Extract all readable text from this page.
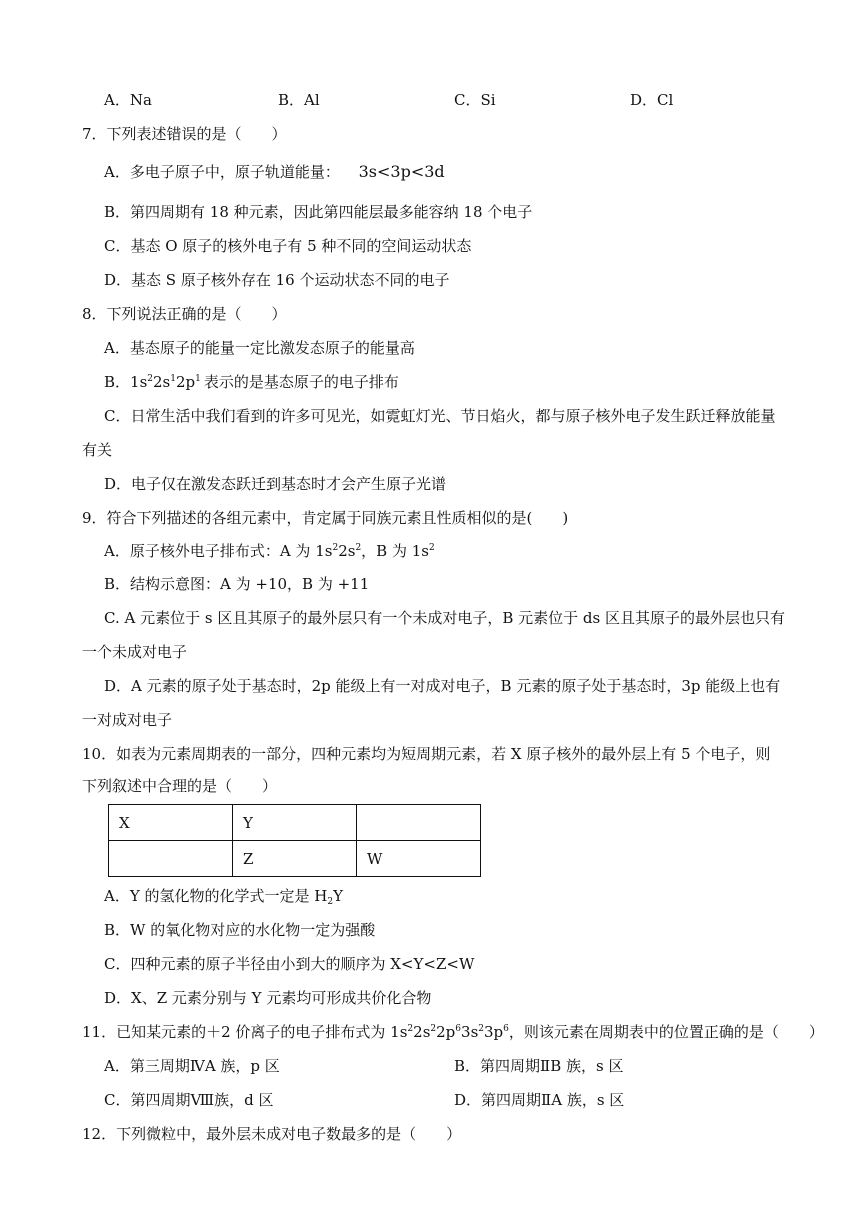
A．Na	B．Al	C．Si	D．Cl
7．下列表述错误的是（　　）
A．多电子原子中，原子轨道能量： 3s<3p<3d
B．第四周期有 18 种元素，因此第四能层最多能容纳 18 个电子
C．基态 O 原子的核外电子有 5 种不同的空间运动状态
D．基态 S 原子核外存在 16 个运动状态不同的电子
8．下列说法正确的是（　　）
A．基态原子的能量一定比激发态原子的能量高
B．$1s^22s^12p^1$ 表示的是基态原子的电子排布
C．日常生活中我们看到的许多可见光，如霓虹灯光、节日焰火，都与原子核外电子发生跃迁释放能量
有关
D．电子仅在激发态跃迁到基态时才会产生原子光谱
9．符合下列描述的各组元素中，肯定属于同族元素且性质相似的是(　　)
A．原子核外电子排布式：A 为 $1s^22s^2$，B 为 $1s^2$
B．结构示意图：A 为 +10，B 为 +11
C. A 元素位于 s 区且其原子的最外层只有一个未成对电子，B 元素位于 ds 区且其原子的最外层也只有
一个未成对电子
D．A 元素的原子处于基态时，2p 能级上有一对成对电子，B 元素的原子处于基态时，3p 能级上也有
一对成对电子
10．如表为元素周期表的一部分，四种元素均为短周期元素，若 X 原子核外的最外层上有 5 个电子，则
下列叙述中合理的是（　　）
X	Y	
	Z	W
A．Y 的氢化物的化学式一定是 $H_2Y$
B．W 的氧化物对应的水化物一定为强酸
C．四种元素的原子半径由小到大的顺序为 X<Y<Z<W
D．X、Z 元素分别与 Y 元素均可形成共价化合物
11．已知某元素的＋2 价离子的电子排布式为 $1s^22s^22p^63s^23p^6$，则该元素在周期表中的位置正确的是（　　）
A．第三周期ⅣA 族，p 区	B．第四周期ⅡB 族，s 区
C．第四周期Ⅷ族，d 区	D．第四周期ⅡA 族，s 区
12．下列微粒中，最外层未成对电子数最多的是（　　）
